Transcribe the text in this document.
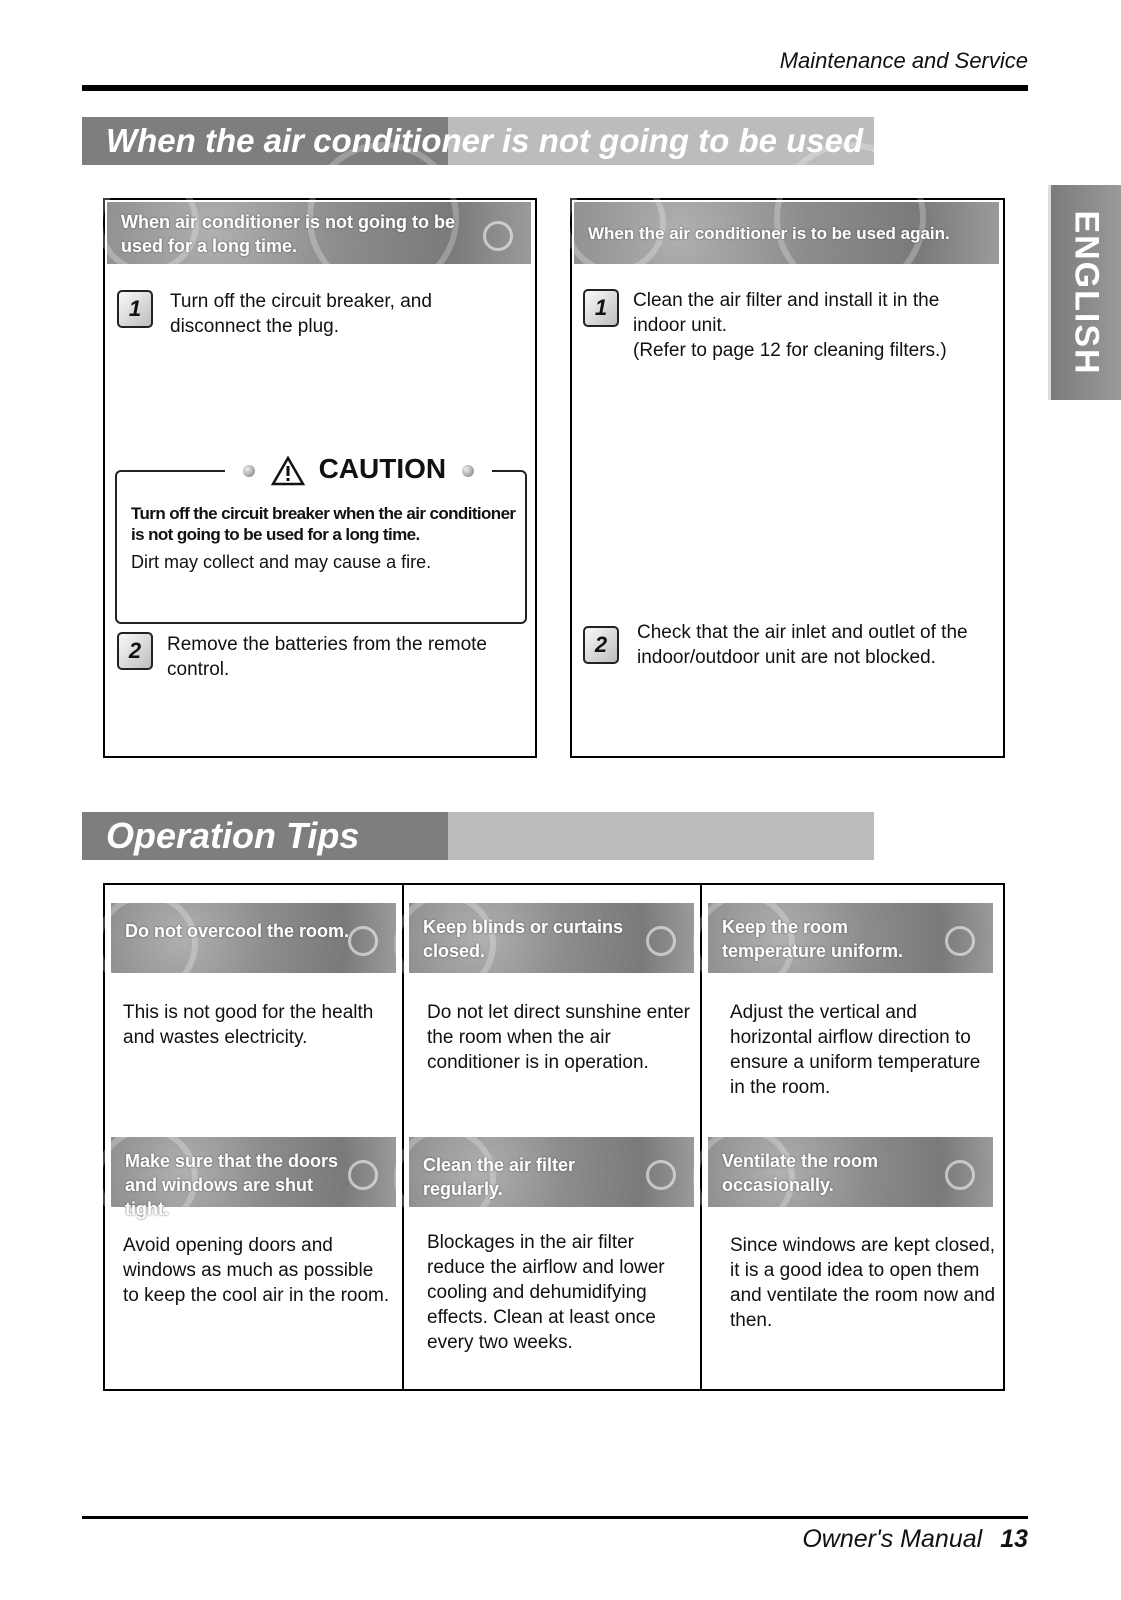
Maintenance and Service
ENGLISH
When the air conditioner is not going to be used for a lo
When air conditioner is not going to be used for a long time.
1	Turn off the circuit breaker, and disconnect the plug.
CAUTION
Turn off the circuit breaker when the air conditioner is not going to be used for a long time.
Dirt may collect and may cause a fire.
2	Remove the batteries from the remote control.
When the air conditioner is to be used again.
1	Clean the air filter and install it in the indoor unit.
(Refer to page 12 for cleaning filters.)
2	Check that the air inlet and outlet of the indoor/outdoor unit are not blocked.
Operation Tips
Do not overcool the room.	Keep blinds or curtains closed.
Keep the room temperature uniform.
This is not good for the health and wastes electricity.
Do not let direct sunshine enter the room when the air conditioner is in operation.
Adjust the vertical and horizontal airflow direction to ensure a uniform temperature in the room.
Make sure that the doors and windows are shut tight.
Clean the air filter regularly.
Ventilate the room occasionally.
Avoid opening doors and windows as much as possible to keep the cool air in the room.
Blockages in the air filter reduce the airflow and lower cooling and dehumidifying effects. Clean at least once every two weeks.
Since windows are kept closed, it is a good idea to open them and ventilate the room now and then.
Owner's Manual 13
